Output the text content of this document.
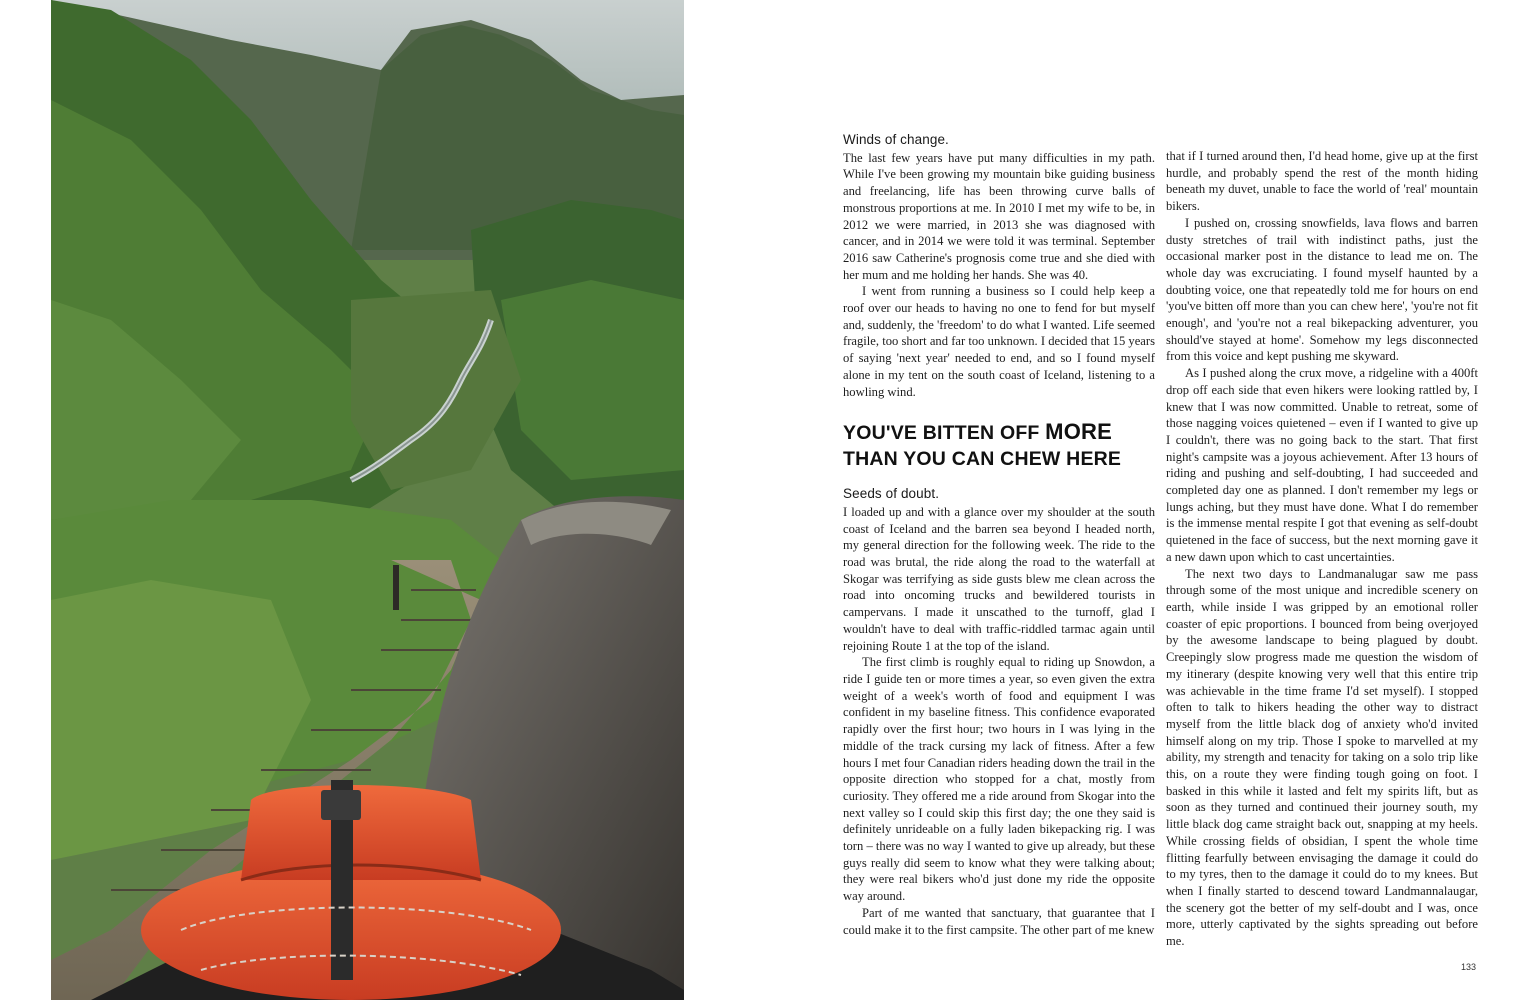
Winds of change.

The last few years have put many difficulties in my path. While I've been growing my mountain bike guiding business and freelancing, life has been throwing curve balls of monstrous proportions at me. In 2010 I met my wife to be, in 2012 we were married, in 2013 she was diagnosed with cancer, and in 2014 we were told it was terminal. September 2016 saw Catherine's prognosis come true and she died with her mum and me holding her hands. She was 40.

I went from running a business so I could help keep a roof over our heads to having no one to fend for but myself and, suddenly, the 'freedom' to do what I wanted. Life seemed fragile, too short and far too unknown. I decided that 15 years of saying 'next year' needed to end, and so I found myself alone in my tent on the south coast of Iceland, listening to a howling wind.

YOU'VE BITTEN OFF MORE
THAN YOU CAN CHEW HERE
Seeds of doubt.

I loaded up and with a glance over my shoulder at the south coast of Iceland and the barren sea beyond I headed north, my general direction for the following week. The ride to the road was brutal, the ride along the road to the waterfall at Skogar was terrifying as side gusts blew me clean across the road into oncoming trucks and bewildered tourists in campervans. I made it unscathed to the turnoff, glad I wouldn't have to deal with traffic-riddled tarmac again until rejoining Route 1 at the top of the island.

The first climb is roughly equal to riding up Snowdon, a ride I guide ten or more times a year, so even given the extra weight of a week's worth of food and equipment I was confident in my baseline fitness. This confidence evaporated rapidly over the first hour; two hours in I was lying in the middle of the track cursing my lack of fitness. After a few hours I met four Canadian riders heading down the trail in the opposite direction who stopped for a chat, mostly from curiosity. They offered me a ride around from Skogar into the next valley so I could skip this first day; the one they said is definitely unrideable on a fully laden bikepacking rig. I was torn – there was no way I wanted to give up already, but these guys really did seem to know what they were talking about; they were real bikers who'd just done my ride the opposite way around.

Part of me wanted that sanctuary, that guarantee that I could make it to the first campsite. The other part of me knew

that if I turned around then, I'd head home, give up at the first hurdle, and probably spend the rest of the month hiding beneath my duvet, unable to face the world of 'real' mountain bikers.

I pushed on, crossing snowfields, lava flows and barren dusty stretches of trail with indistinct paths, just the occasional marker post in the distance to lead me on. The whole day was excruciating. I found myself haunted by a doubting voice, one that repeatedly told me for hours on end 'you've bitten off more than you can chew here', 'you're not fit enough', and 'you're not a real bikepacking adventurer, you should've stayed at home'. Somehow my legs disconnected from this voice and kept pushing me skyward.

As I pushed along the crux move, a ridgeline with a 400ft drop off each side that even hikers were looking rattled by, I knew that I was now committed. Unable to retreat, some of those nagging voices quietened – even if I wanted to give up I couldn't, there was no going back to the start. That first night's campsite was a joyous achievement. After 13 hours of riding and pushing and self-doubting, I had succeeded and completed day one as planned. I don't remember my legs or lungs aching, but they must have done. What I do remember is the immense mental respite I got that evening as self-doubt quietened in the face of success, but the next morning gave it a new dawn upon which to cast uncertainties.

The next two days to Landmanalugar saw me pass through some of the most unique and incredible scenery on earth, while inside I was gripped by an emotional roller coaster of epic proportions. I bounced from being overjoyed by the awesome landscape to being plagued by doubt. Creepingly slow progress made me question the wisdom of my itinerary (despite knowing very well that this entire trip was achievable in the time frame I'd set myself). I stopped often to talk to hikers heading the other way to distract myself from the little black dog of anxiety who'd invited himself along on my trip. Those I spoke to marvelled at my ability, my strength and tenacity for taking on a solo trip like this, on a route they were finding tough going on foot. I basked in this while it lasted and felt my spirits lift, but as soon as they turned and continued their journey south, my little black dog came straight back out, snapping at my heels. While crossing fields of obsidian, I spent the whole time flitting fearfully between envisaging the damage it could do to my tyres, then to the damage it could do to my knees. But when I finally started to descend toward Landmannalaugar, the scenery got the better of my self-doubt and I was, once more, utterly captivated by the sights spreading out before me.

133
